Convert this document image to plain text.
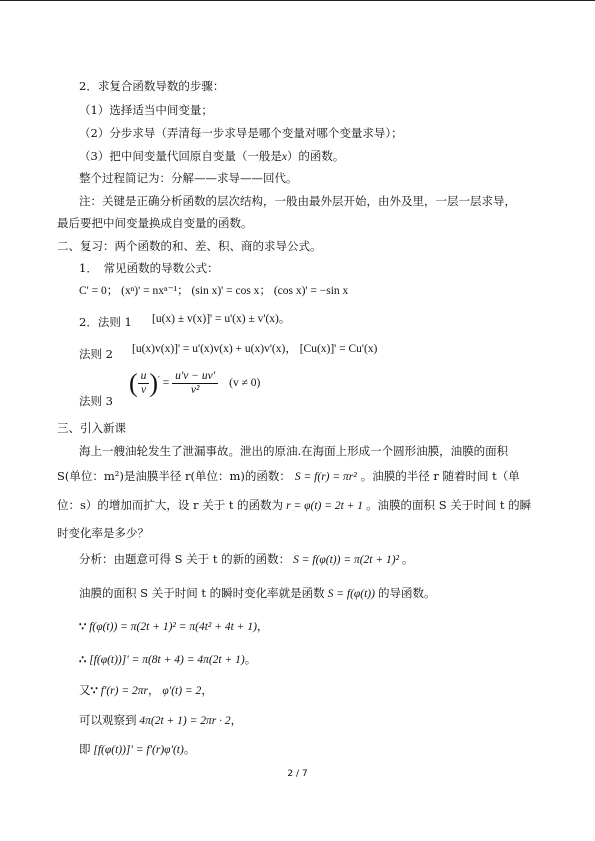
2．求复合函数导数的步骤：
（1）选择适当中间变量；
（2）分步求导（弄清每一步求导是哪个变量对哪个变量求导）；
（3）把中间变量代回原自变量（一般是x）的函数。
整个过程简记为：分解——求导——回代。
注：关键是正确分析函数的层次结构，一般由最外层开始，由外及里，一层一层求导，
最后要把中间变量换成自变量的函数。
二、复习：两个函数的和、差、积、商的求导公式。
1．　常见函数的导数公式：
C' = 0； (xⁿ)' = nxⁿ⁻¹； (sin x)' = cos x； (cos x)' = −sin x
2．法则 1 [u(x) ± v(x)]' = u'(x) ± v'(x)。
法则 2 [u(x)v(x)]' = u'(x)v(x) + u(x)v'(x)， [Cu(x)]' = Cu'(x)
( $\frac{u}{v} )' = \frac{u'v - uv'}{\text{v²}} (v \ne 0)$
法则 3
三、引入新课
海上一艘油轮发生了泄漏事故。泄出的原油.在海面上形成一个圆形油膜，油膜的面积
S(单位：m²)是油膜半径 r(单位：m)的函数： S = f(r) = πr² 。油膜的半径 r 随着时间 t（单
位：s）的增加而扩大，设 r 关于 t 的函数为 r = φ(t) = 2t + 1 。油膜的面积 S 关于时间 t 的瞬
时变化率是多少？
分析：由题意可得 S 关于 t 的新的函数： S = f(φ(t)) = π(2t + 1)² 。
油膜的面积 S 关于时间 t 的瞬时变化率就是函数 S = f(φ(t)) 的导函数。
∵ f(φ(t)) = π(2t + 1)² = π(4t² + 4t + 1)，
∴ [f(φ(t))]' = π(8t + 4) = 4π(2t + 1)。
又∵ f'(r) = 2πr， φ'(t) = 2，
可以观察到 4π(2t + 1) = 2πr · 2，
即 [f(φ(t))]' = f'(r)φ'(t)。
2 / 7
